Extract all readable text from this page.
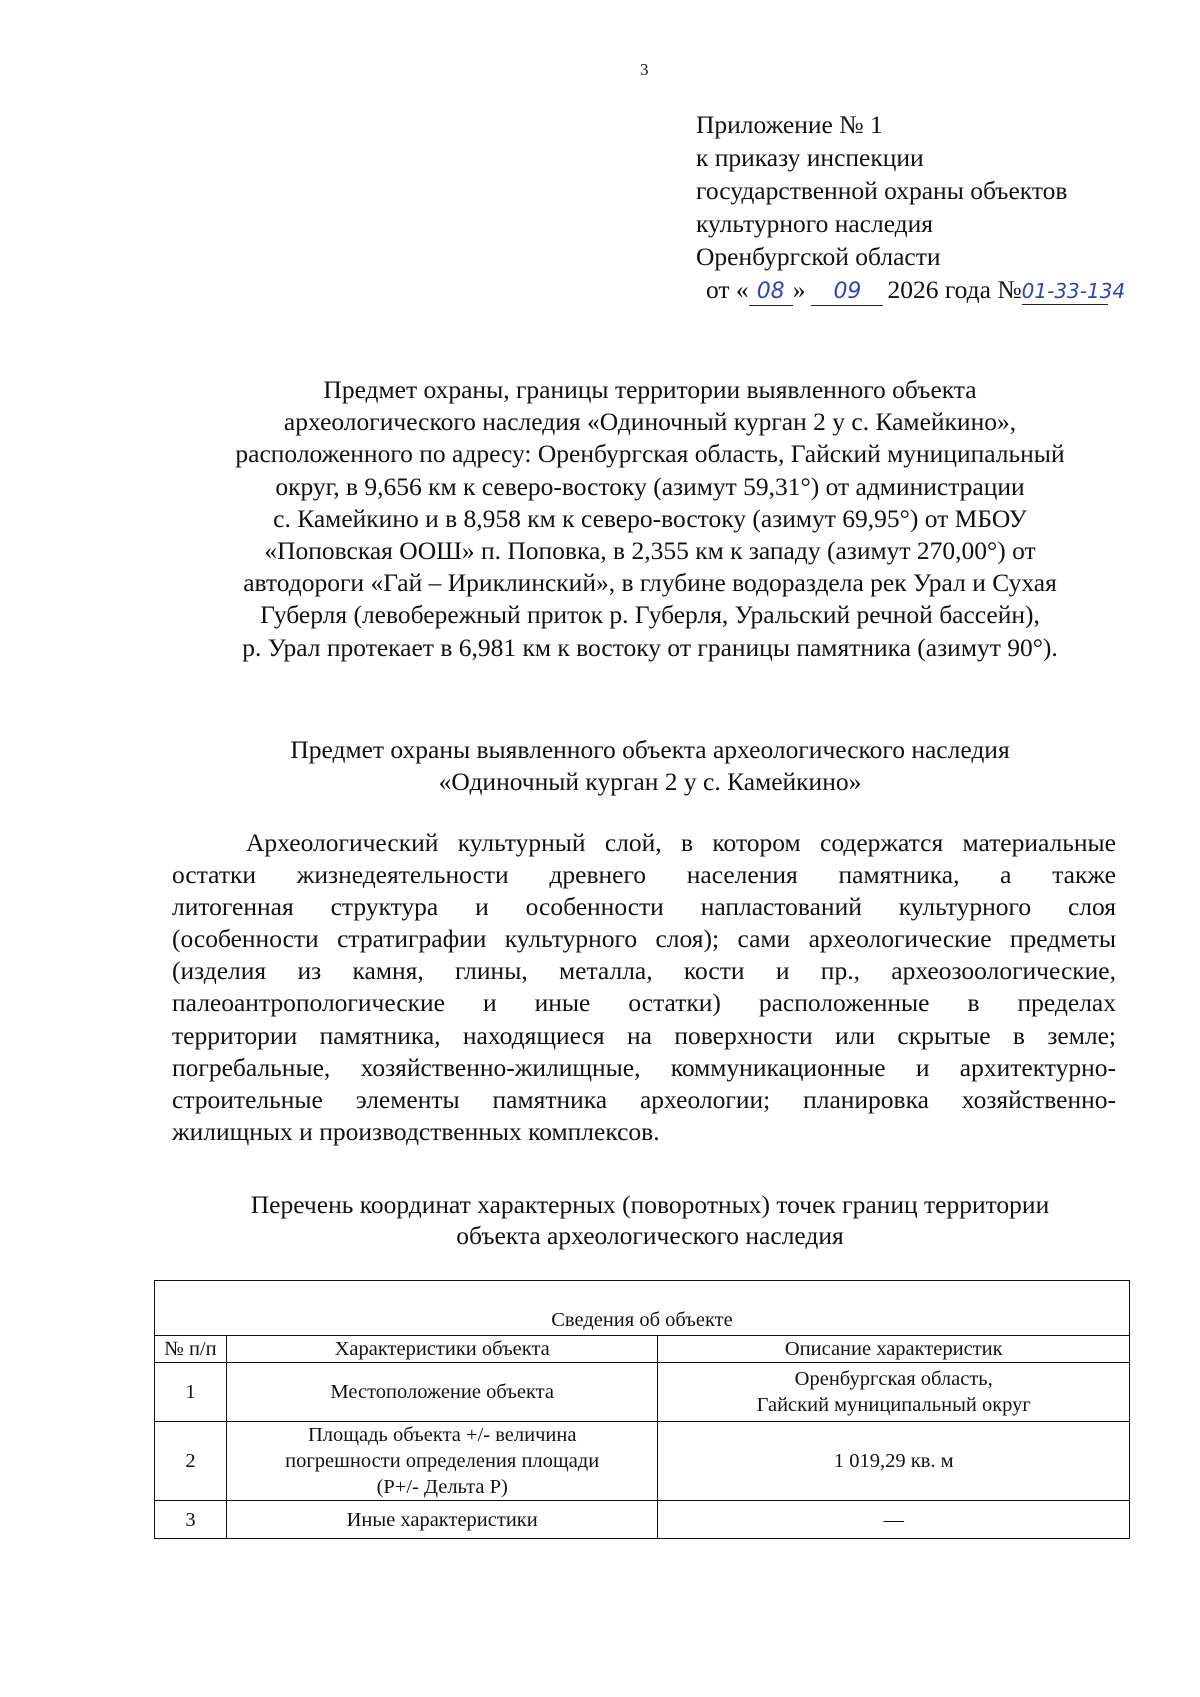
3
Приложение № 1
к приказу инспекции
государственной охраны объектов
культурного наследия
Оренбургской области
от « 08 » 09 2026 года №01-33-134
Предмет охраны, границы территории выявленного объекта
археологического наследия «Одиночный курган 2 у с. Камейкино»,
расположенного по адресу: Оренбургская область, Гайский муниципальный
округ, в 9,656 км к северо-востоку (азимут 59,31°) от администрации
с. Камейкино и в 8,958 км к северо-востоку (азимут 69,95°) от МБОУ
«Поповская ООШ» п. Поповка, в 2,355 км к западу (азимут 270,00°) от
автодороги «Гай – Ириклинский», в глубине водораздела рек Урал и Сухая
Губерля (левобережный приток р. Губерля, Уральский речной бассейн),
р. Урал протекает в 6,981 км к востоку от границы памятника (азимут 90°).
Предмет охраны выявленного объекта археологического наследия
«Одиночный курган 2 у с. Камейкино»
Археологический культурный слой, в котором содержатся материальные
остатки жизнедеятельности древнего населения памятника, а также
литогенная структура и особенности напластований культурного слоя
(особенности стратиграфии культурного слоя); сами археологические предметы
(изделия из камня, глины, металла, кости и пр., археозоологические,
палеоантропологические и иные остатки) расположенные в пределах
территории памятника, находящиеся на поверхности или скрытые в земле;
погребальные, хозяйственно-жилищные, коммуникационные и архитектурно-
строительные элементы памятника археологии; планировка хозяйственно-
жилищных и производственных комплексов.
Перечень координат характерных (поворотных) точек границ территории
объекта археологического наследия
Сведения об объекте		
№ п/п	Характеристики объекта	Описание характеристик
1	Местоположение объекта	Оренбургская область,
Гайский муниципальный округ

2	Площадь объекта +/- величина
погрешности определения площади
(P+/- Дельта P)	1 019,29 кв. м

3	Иные характеристики	—
